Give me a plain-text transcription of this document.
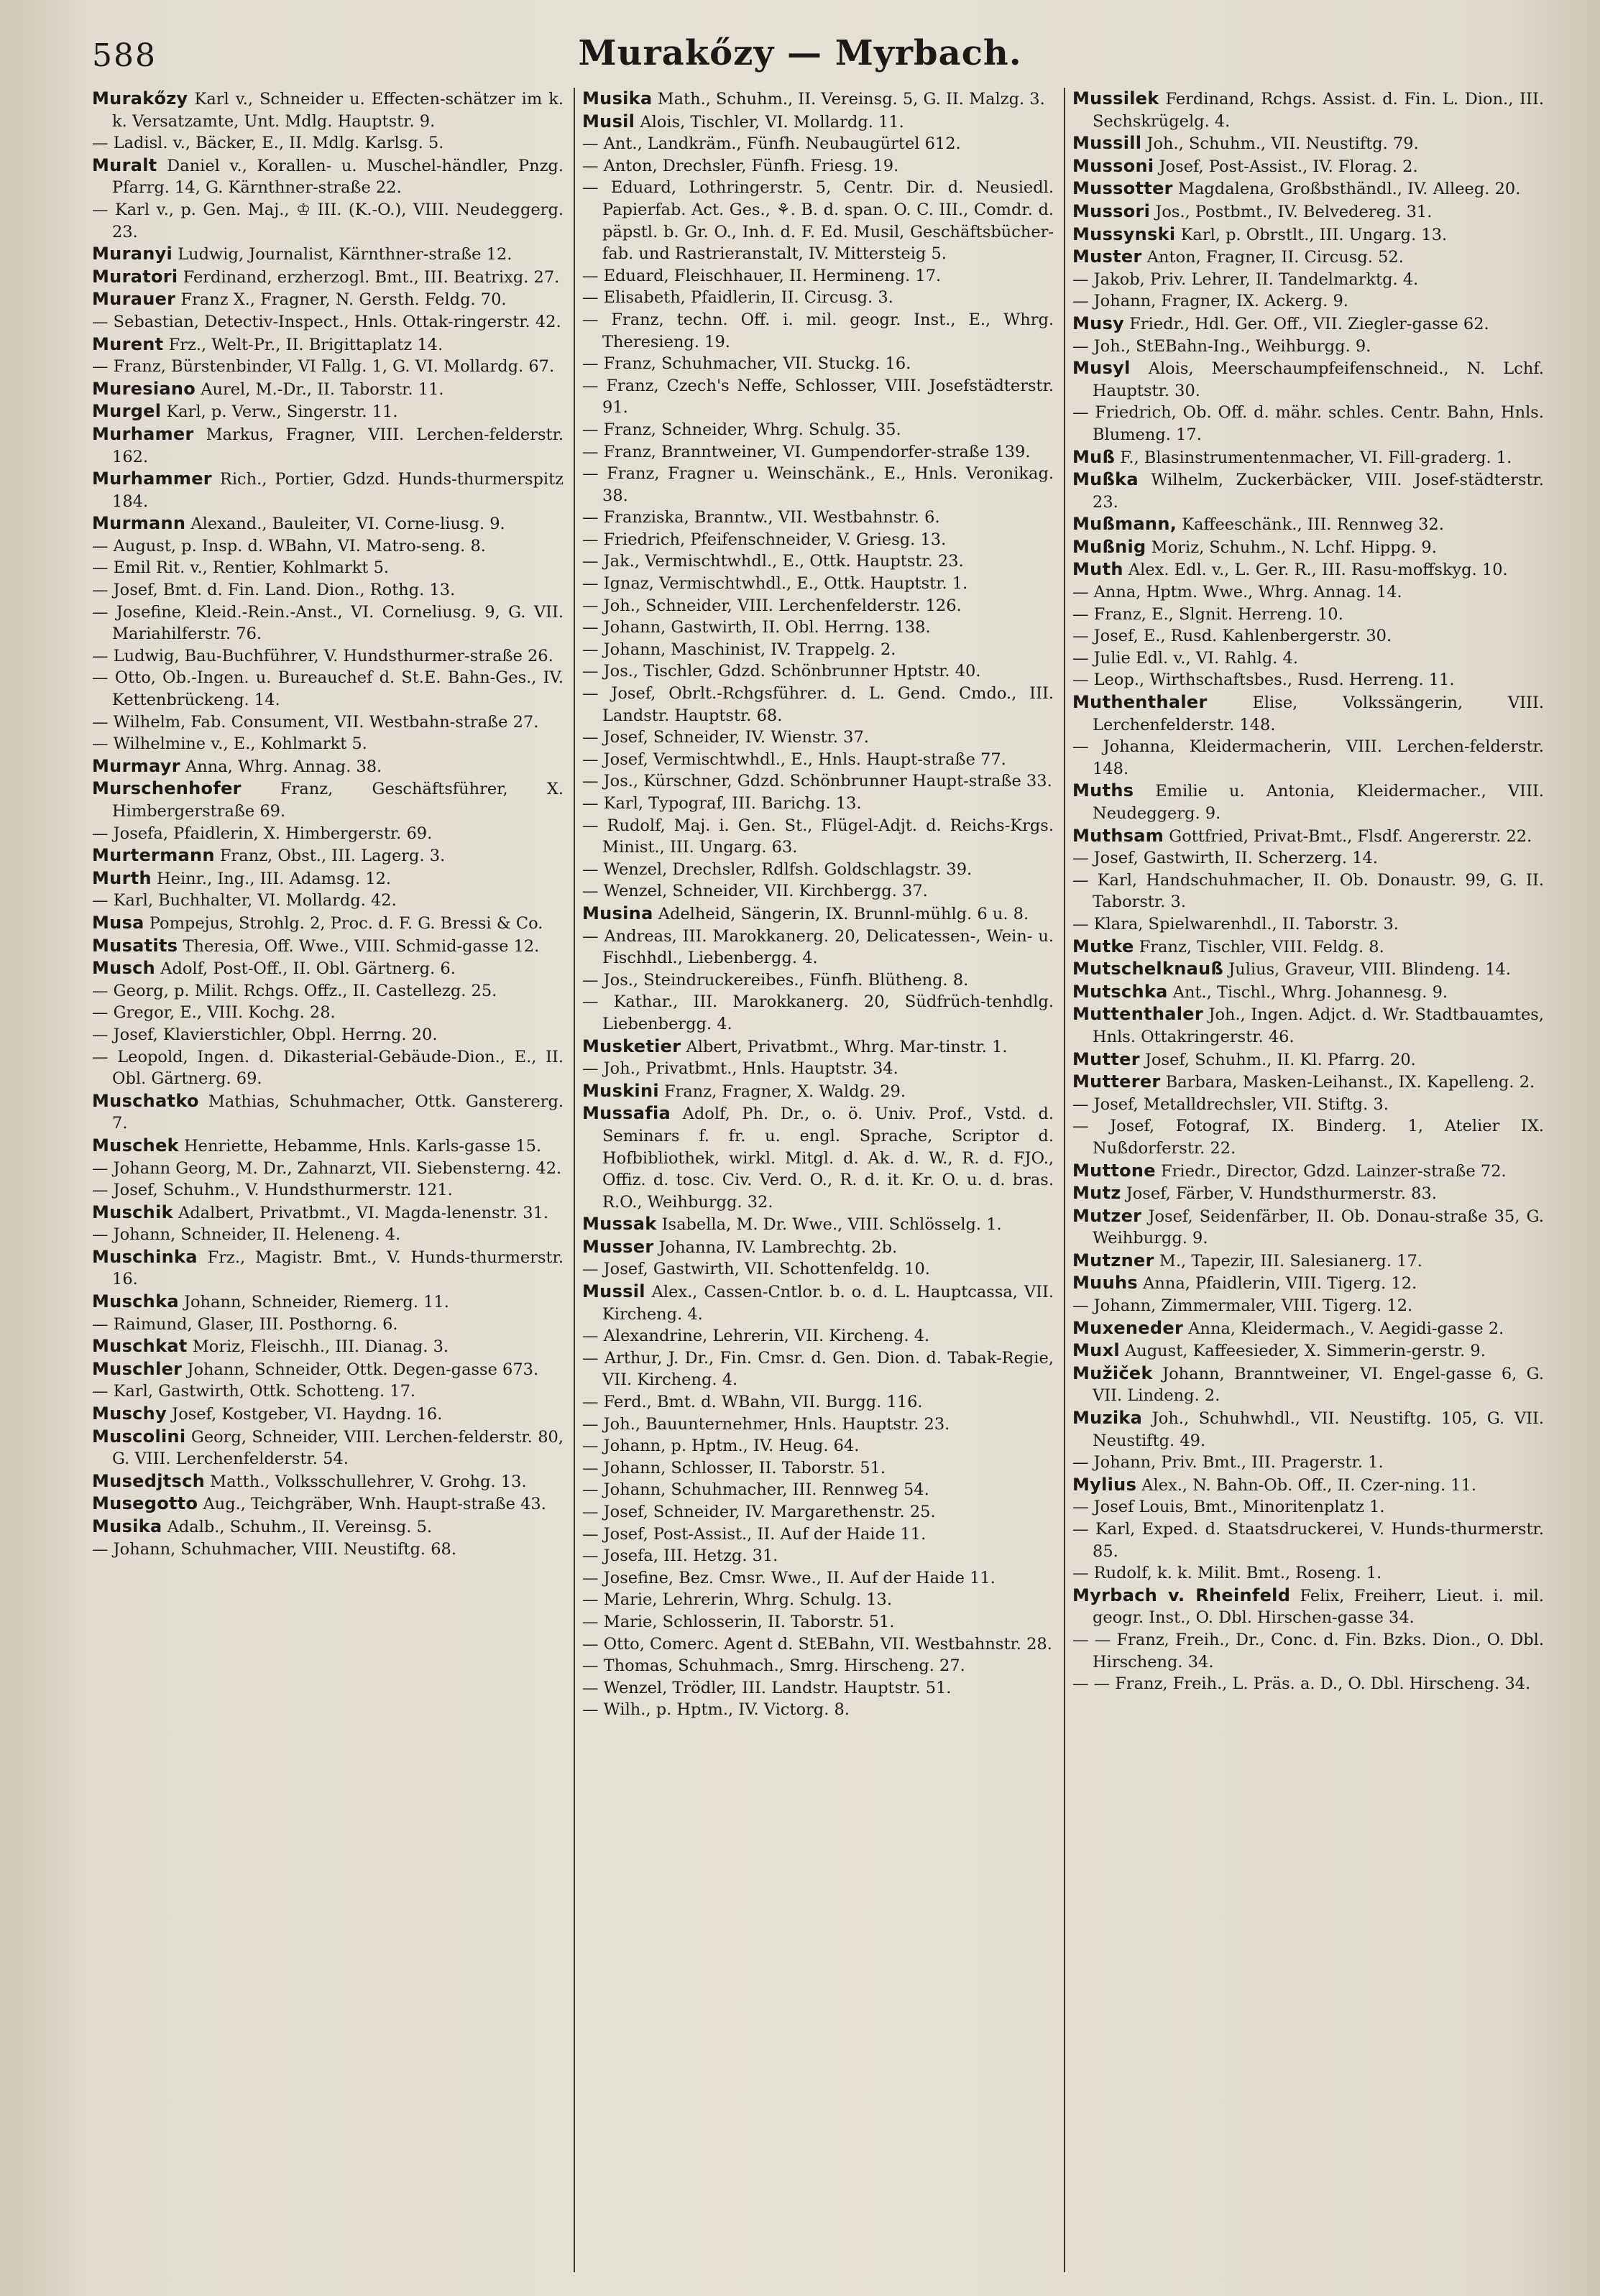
588	Murakőzy — Myrbach.

Murakőzy Karl v., Schneider u. Effecten-schätzer im k. k. Versatzamte, Unt. Mdlg. Hauptstr. 9.

— Ladisl. v., Bäcker, E., II. Mdlg. Karlsg. 5.

Muralt Daniel v., Korallen- u. Muschel-händler, Pnzg. Pfarrg. 14, G. Kärnthner-straße 22.

— Karl v., p. Gen. Maj., ♔ III. (K.-O.), VIII. Neudeggerg. 23.

Muranyi Ludwig, Journalist, Kärnthner-straße 12.

Muratori Ferdinand, erzherzogl. Bmt., III. Beatrixg. 27.

Murauer Franz X., Fragner, N. Gersth. Feldg. 70.

— Sebastian, Detectiv-Inspect., Hnls. Ottak-ringerstr. 42.

Murent Frz., Welt-Pr., II. Brigittaplatz 14.

— Franz, Bürstenbinder, VI Fallg. 1, G. VI. Mollardg. 67.

Muresiano Aurel, M.-Dr., II. Taborstr. 11.

Murgel Karl, p. Verw., Singerstr. 11.

Murhamer Markus, Fragner, VIII. Lerchen-felderstr. 162.

Murhammer Rich., Portier, Gdzd. Hunds-thurmerspitz 184.

Murmann Alexand., Bauleiter, VI. Corne-liusg. 9.

— August, p. Insp. d. WBahn, VI. Matro-seng. 8.

— Emil Rit. v., Rentier, Kohlmarkt 5.

— Josef, Bmt. d. Fin. Land. Dion., Rothg. 13.

— Josefine, Kleid.-Rein.-Anst., VI. Corneliusg. 9, G. VII. Mariahilferstr. 76.

— Ludwig, Bau-Buchführer, V. Hundsthurmer-straße 26.

— Otto, Ob.-Ingen. u. Bureauchef d. St.E. Bahn-Ges., IV. Kettenbrückeng. 14.

— Wilhelm, Fab. Consument, VII. Westbahn-straße 27.

— Wilhelmine v., E., Kohlmarkt 5.

Murmayr Anna, Whrg. Annag. 38.

Murschenhofer Franz, Geschäftsführer, X. Himbergerstraße 69.

— Josefa, Pfaidlerin, X. Himbergerstr. 69.

Murtermann Franz, Obst., III. Lagerg. 3.

Murth Heinr., Ing., III. Adamsg. 12.

— Karl, Buchhalter, VI. Mollardg. 42.

Musa Pompejus, Strohlg. 2, Proc. d. F. G. Bressi & Co.

Musatits Theresia, Off. Wwe., VIII. Schmid-gasse 12.

Musch Adolf, Post-Off., II. Obl. Gärtnerg. 6.

— Georg, p. Milit. Rchgs. Offz., II. Castellezg. 25.

— Gregor, E., VIII. Kochg. 28.

— Josef, Klavierstichler, Obpl. Herrng. 20.

— Leopold, Ingen. d. Dikasterial-Gebäude-Dion., E., II. Obl. Gärtnerg. 69.

Muschatko Mathias, Schuhmacher, Ottk. Ganstererg. 7.

Muschek Henriette, Hebamme, Hnls. Karls-gasse 15.

— Johann Georg, M. Dr., Zahnarzt, VII. Siebensterng. 42.

— Josef, Schuhm., V. Hundsthurmerstr. 121.

Muschik Adalbert, Privatbmt., VI. Magda-lenenstr. 31.

— Johann, Schneider, II. Heleneng. 4.

Muschinka Frz., Magistr. Bmt., V. Hunds-thurmerstr. 16.

Muschka Johann, Schneider, Riemerg. 11.

— Raimund, Glaser, III. Posthorng. 6.

Muschkat Moriz, Fleischh., III. Dianag. 3.

Muschler Johann, Schneider, Ottk. Degen-gasse 673.

— Karl, Gastwirth, Ottk. Schotteng. 17.

Muschy Josef, Kostgeber, VI. Haydng. 16.

Muscolini Georg, Schneider, VIII. Lerchen-felderstr. 80, G. VIII. Lerchenfelderstr. 54.

Musedjtsch Matth., Volksschullehrer, V. Grohg. 13.

Musegotto Aug., Teichgräber, Wnh. Haupt-straße 43.

Musika Adalb., Schuhm., II. Vereinsg. 5.

— Johann, Schuhmacher, VIII. Neustiftg. 68.

Musika Math., Schuhm., II. Vereinsg. 5, G. II. Malzg. 3.

Musil Alois, Tischler, VI. Mollardg. 11.

— Ant., Landkräm., Fünfh. Neubaugürtel 612.

— Anton, Drechsler, Fünfh. Friesg. 19.

— Eduard, Lothringerstr. 5, Centr. Dir. d. Neusiedl. Papierfab. Act. Ges., ⚘. B. d. span. O. C. III., Comdr. d. päpstl. b. Gr. O., Inh. d. F. Ed. Musil, Geschäftsbücher-fab. und Rastrieranstalt, IV. Mittersteig 5.

— Eduard, Fleischhauer, II. Hermineng. 17.

— Elisabeth, Pfaidlerin, II. Circusg. 3.

— Franz, techn. Off. i. mil. geogr. Inst., E., Whrg. Theresieng. 19.

— Franz, Schuhmacher, VII. Stuckg. 16.

— Franz, Czech's Neffe, Schlosser, VIII. Josefstädterstr. 91.

— Franz, Schneider, Whrg. Schulg. 35.

— Franz, Branntweiner, VI. Gumpendorfer-straße 139.

— Franz, Fragner u. Weinschänk., E., Hnls. Veronikag. 38.

— Franziska, Branntw., VII. Westbahnstr. 6.

— Friedrich, Pfeifenschneider, V. Griesg. 13.

— Jak., Vermischtwhdl., E., Ottk. Hauptstr. 23.

— Ignaz, Vermischtwhdl., E., Ottk. Hauptstr. 1.

— Joh., Schneider, VIII. Lerchenfelderstr. 126.

— Johann, Gastwirth, II. Obl. Herrng. 138.

— Johann, Maschinist, IV. Trappelg. 2.

— Jos., Tischler, Gdzd. Schönbrunner Hptstr. 40.

— Josef, Obrlt.-Rchgsführer. d. L. Gend. Cmdo., III. Landstr. Hauptstr. 68.

— Josef, Schneider, IV. Wienstr. 37.

— Josef, Vermischtwhdl., E., Hnls. Haupt-straße 77.

— Jos., Kürschner, Gdzd. Schönbrunner Haupt-straße 33.

— Karl, Typograf, III. Barichg. 13.

— Rudolf, Maj. i. Gen. St., Flügel-Adjt. d. Reichs-Krgs. Minist., III. Ungarg. 63.

— Wenzel, Drechsler, Rdlfsh. Goldschlagstr. 39.

— Wenzel, Schneider, VII. Kirchbergg. 37.

Musina Adelheid, Sängerin, IX. Brunnl-mühlg. 6 u. 8.

— Andreas, III. Marokkanerg. 20, Delicatessen-, Wein- u. Fischhdl., Liebenbergg. 4.

— Jos., Steindruckereibes., Fünfh. Blütheng. 8.

— Kathar., III. Marokkanerg. 20, Südfrüch-tenhdlg. Liebenbergg. 4.

Musketier Albert, Privatbmt., Whrg. Mar-tinstr. 1.

— Joh., Privatbmt., Hnls. Hauptstr. 34.

Muskini Franz, Fragner, X. Waldg. 29.

Mussafia Adolf, Ph. Dr., o. ö. Univ. Prof., Vstd. d. Seminars f. fr. u. engl. Sprache, Scriptor d. Hofbibliothek, wirkl. Mitgl. d. Ak. d. W., R. d. FJO., Offiz. d. tosc. Civ. Verd. O., R. d. it. Kr. O. u. d. bras. R.O., Weihburgg. 32.

Mussak Isabella, M. Dr. Wwe., VIII. Schlösselg. 1.

Musser Johanna, IV. Lambrechtg. 2b.

— Josef, Gastwirth, VII. Schottenfeldg. 10.

Mussil Alex., Cassen-Cntlor. b. o. d. L. Hauptcassa, VII. Kircheng. 4.

— Alexandrine, Lehrerin, VII. Kircheng. 4.

— Arthur, J. Dr., Fin. Cmsr. d. Gen. Dion. d. Tabak-Regie, VII. Kircheng. 4.

— Ferd., Bmt. d. WBahn, VII. Burgg. 116.

— Joh., Bauunternehmer, Hnls. Hauptstr. 23.

— Johann, p. Hptm., IV. Heug. 64.

— Johann, Schlosser, II. Taborstr. 51.

— Johann, Schuhmacher, III. Rennweg 54.

— Josef, Schneider, IV. Margarethenstr. 25.

— Josef, Post-Assist., II. Auf der Haide 11.

— Josefa, III. Hetzg. 31.

— Josefine, Bez. Cmsr. Wwe., II. Auf der Haide 11.

— Marie, Lehrerin, Whrg. Schulg. 13.

— Marie, Schlosserin, II. Taborstr. 51.

— Otto, Comerc. Agent d. StEBahn, VII. Westbahnstr. 28.

— Thomas, Schuhmach., Smrg. Hirscheng. 27.

— Wenzel, Trödler, III. Landstr. Hauptstr. 51.

— Wilh., p. Hptm., IV. Victorg. 8.

Mussilek Ferdinand, Rchgs. Assist. d. Fin. L. Dion., III. Sechskrügelg. 4.

Mussill Joh., Schuhm., VII. Neustiftg. 79.

Mussoni Josef, Post-Assist., IV. Florag. 2.

Mussotter Magdalena, Großbsthändl., IV. Alleeg. 20.

Mussori Jos., Postbmt., IV. Belvedereg. 31.

Mussynski Karl, p. Obrstlt., III. Ungarg. 13.

Muster Anton, Fragner, II. Circusg. 52.

— Jakob, Priv. Lehrer, II. Tandelmarktg. 4.

— Johann, Fragner, IX. Ackerg. 9.

Musy Friedr., Hdl. Ger. Off., VII. Ziegler-gasse 62.

— Joh., StEBahn-Ing., Weihburgg. 9.

Musyl Alois, Meerschaumpfeifenschneid., N. Lchf. Hauptstr. 30.

— Friedrich, Ob. Off. d. mähr. schles. Centr. Bahn, Hnls. Blumeng. 17.

Muß F., Blasinstrumentenmacher, VI. Fill-graderg. 1.

Mußka Wilhelm, Zuckerbäcker, VIII. Josef-städterstr. 23.

Mußmann, Kaffeeschänk., III. Rennweg 32.

Mußnig Moriz, Schuhm., N. Lchf. Hippg. 9.

Muth Alex. Edl. v., L. Ger. R., III. Rasu-moffskyg. 10.

— Anna, Hptm. Wwe., Whrg. Annag. 14.

— Franz, E., Slgnit. Herreng. 10.

— Josef, E., Rusd. Kahlenbergerstr. 30.

— Julie Edl. v., VI. Rahlg. 4.

— Leop., Wirthschaftsbes., Rusd. Herreng. 11.

Muthenthaler Elise, Volkssängerin, VIII. Lerchenfelderstr. 148.

— Johanna, Kleidermacherin, VIII. Lerchen-felderstr. 148.

Muths Emilie u. Antonia, Kleidermacher., VIII. Neudeggerg. 9.

Muthsam Gottfried, Privat-Bmt., Flsdf. Angererstr. 22.

— Josef, Gastwirth, II. Scherzerg. 14.

— Karl, Handschuhmacher, II. Ob. Donaustr. 99, G. II. Taborstr. 3.

— Klara, Spielwarenhdl., II. Taborstr. 3.

Mutke Franz, Tischler, VIII. Feldg. 8.

Mutschelknauß Julius, Graveur, VIII. Blindeng. 14.

Mutschka Ant., Tischl., Whrg. Johannesg. 9.

Muttenthaler Joh., Ingen. Adjct. d. Wr. Stadtbauamtes, Hnls. Ottakringerstr. 46.

Mutter Josef, Schuhm., II. Kl. Pfarrg. 20.

Mutterer Barbara, Masken-Leihanst., IX. Kapelleng. 2.

— Josef, Metalldrechsler, VII. Stiftg. 3.

— Josef, Fotograf, IX. Binderg. 1, Atelier IX. Nußdorferstr. 22.

Muttone Friedr., Director, Gdzd. Lainzer-straße 72.

Mutz Josef, Färber, V. Hundsthurmerstr. 83.

Mutzer Josef, Seidenfärber, II. Ob. Donau-straße 35, G. Weihburgg. 9.

Mutzner M., Tapezir, III. Salesianerg. 17.

Muuhs Anna, Pfaidlerin, VIII. Tigerg. 12.

— Johann, Zimmermaler, VIII. Tigerg. 12.

Muxeneder Anna, Kleidermach., V. Aegidi-gasse 2.

Muxl August, Kaffeesieder, X. Simmerin-gerstr. 9.

Mužiček Johann, Branntweiner, VI. Engel-gasse 6, G. VII. Lindeng. 2.

Muzika Joh., Schuhwhdl., VII. Neustiftg. 105, G. VII. Neustiftg. 49.

— Johann, Priv. Bmt., III. Pragerstr. 1.

Mylius Alex., N. Bahn-Ob. Off., II. Czer-ning. 11.

— Josef Louis, Bmt., Minoritenplatz 1.

— Karl, Exped. d. Staatsdruckerei, V. Hunds-thurmerstr. 85.

— Rudolf, k. k. Milit. Bmt., Roseng. 1.

Myrbach v. Rheinfeld Felix, Freiherr, Lieut. i. mil. geogr. Inst., O. Dbl. Hirschen-gasse 34.

— — Franz, Freih., Dr., Conc. d. Fin. Bzks. Dion., O. Dbl. Hirscheng. 34.

— — Franz, Freih., L. Präs. a. D., O. Dbl. Hirscheng. 34.
